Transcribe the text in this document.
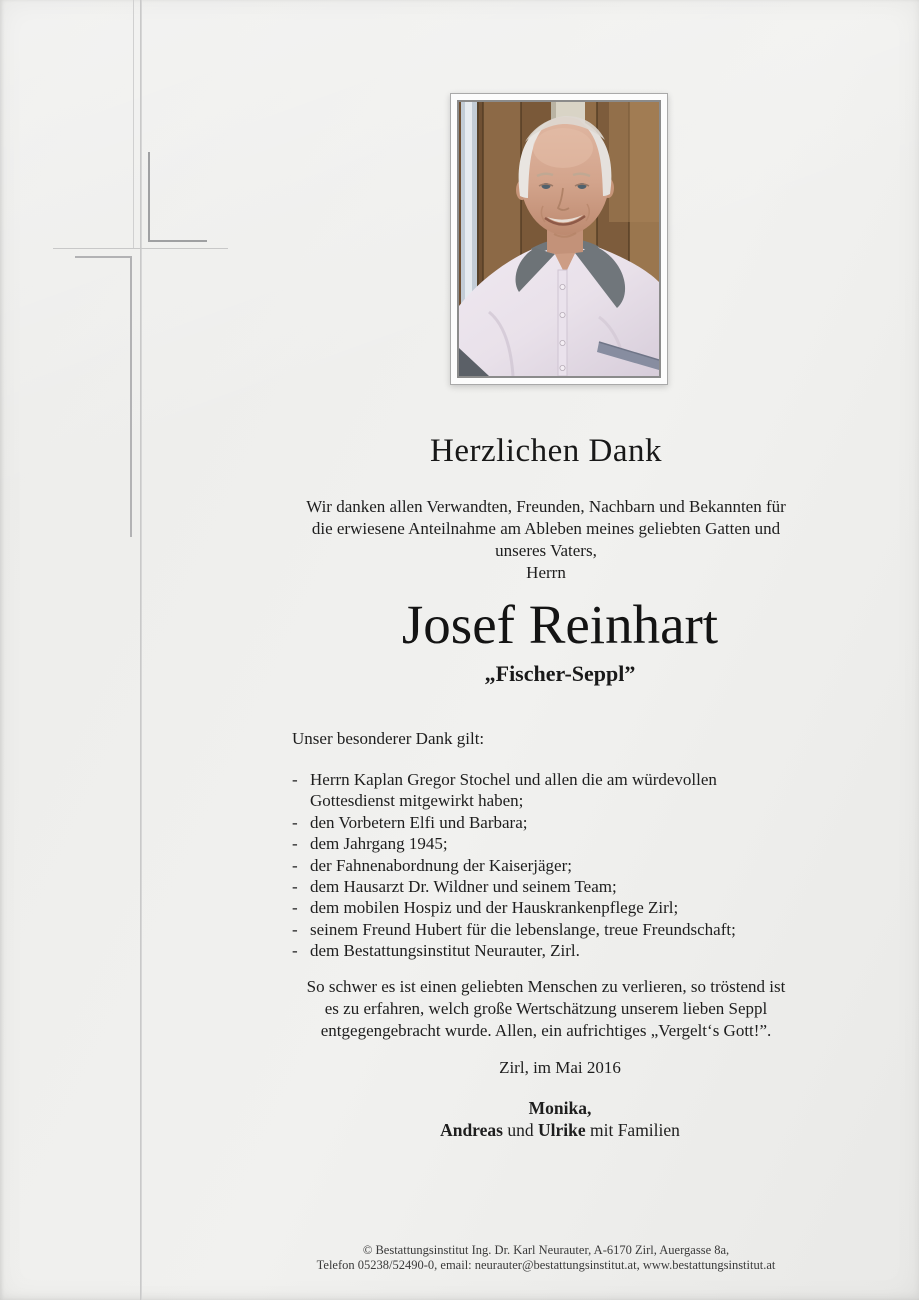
Herzlichen Dank
Wir danken allen Verwandten, Freunden, Nachbarn und Bekannten für
die erwiesene Anteilnahme am Ableben meines geliebten Gatten und
unseres Vaters,
Herrn
Josef Reinhart
„Fischer-Seppl”
Unser besonderer Dank gilt:
- Herrn Kaplan Gregor Stochel und allen die am würdevollen Gottesdienst mitgewirkt haben;
- den Vorbetern Elfi und Barbara;
- dem Jahrgang 1945;
- der Fahnenabordnung der Kaiserjäger;
- dem Hausarzt Dr. Wildner und seinem Team;
- dem mobilen Hospiz und der Hauskrankenpflege Zirl;
- seinem Freund Hubert für die lebenslange, treue Freundschaft;
- dem Bestattungsinstitut Neurauter, Zirl.
So schwer es ist einen geliebten Menschen zu verlieren, so tröstend ist
es zu erfahren, welch große Wertschätzung unserem lieben Seppl
entgegengebracht wurde. Allen, ein aufrichtiges „Vergelt‘s Gott!”.
Zirl, im Mai 2016
Monika,
Andreas und Ulrike mit Familien
© Bestattungsinstitut Ing. Dr. Karl Neurauter, A-6170 Zirl, Auergasse 8a,
Telefon 05238/52490-0, email: neurauter@bestattungsinstitut.at, www.bestattungsinstitut.at
